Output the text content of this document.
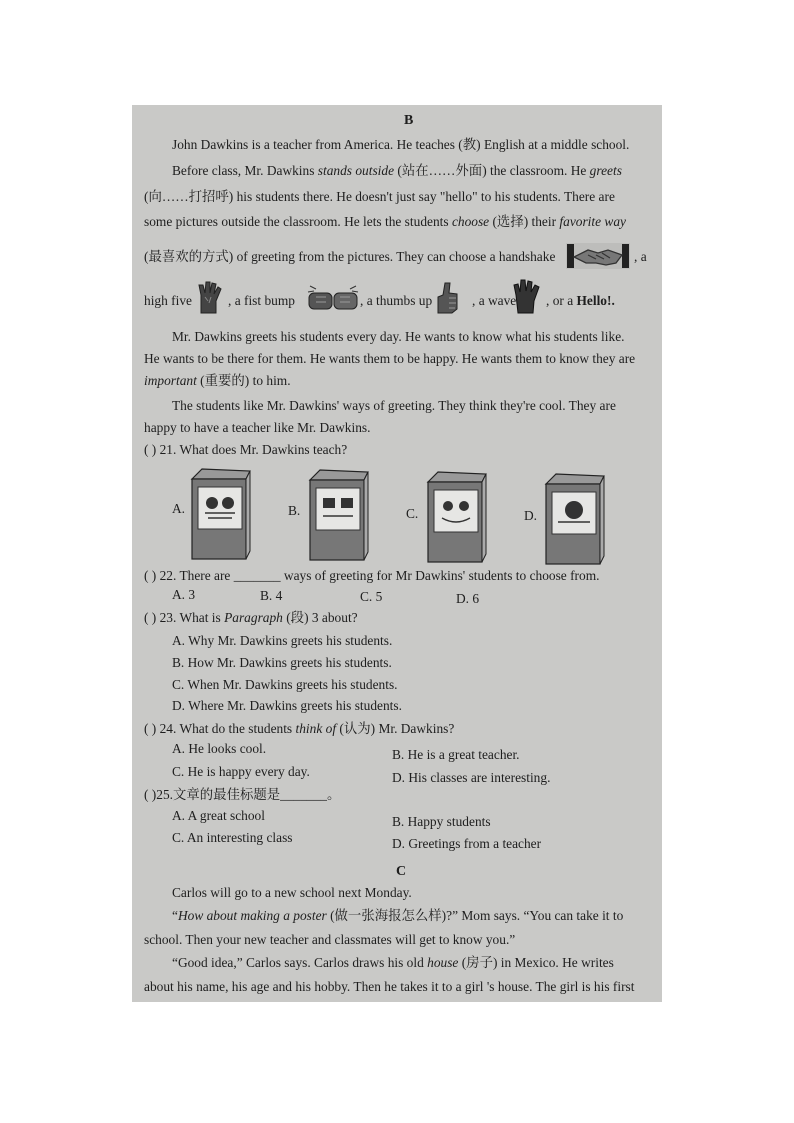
B
John Dawkins is a teacher from America. He teaches (教) English at a middle school.
Before class, Mr. Dawkins stands outside (站在……外面) the classroom. He greets
(向……打招呼) his students there. He doesn't just say "hello" to his students. There are
some pictures outside the classroom. He lets the students choose (选择) their favorite way
(最喜欢的方式) of greeting from the pictures. They can choose a handshake	, a
high five	, a fist bump	, a thumbs up	, a wave , or a Hello!.
Mr. Dawkins greets his students every day. He wants to know what his students like.
He wants to be there for them. He wants them to be happy. He wants them to know they are
important (重要的) to him.
The students like Mr. Dawkins' ways of greeting. They think they're cool. They are
happy to have a teacher like Mr. Dawkins.
( ) 21. What does Mr. Dawkins teach?
A.	B.	C.	D.
( ) 22. There are _______ ways of greeting for Mr Dawkins' students to choose from.
A. 3	B. 4	C. 5	D. 6
( ) 23. What is Paragraph (段) 3 about?
A. Why Mr. Dawkins greets his students.
B. How Mr. Dawkins greets his students.
C. When Mr. Dawkins greets his students.
D. Where Mr. Dawkins greets his students.
( ) 24. What do the students think of (认为) Mr. Dawkins?
A. He looks cool.	B. He is a great teacher.
C. He is happy every day.	D. His classes are interesting.
( )25.文章的最佳标题是_______。
A. A great school	B. Happy students
C. An interesting class	D. Greetings from a teacher
C
Carlos will go to a new school next Monday.
“How about making a poster (做一张海报怎么样)?” Mom says. “You can take it to
school. Then your new teacher and classmates will get to know you.”
“Good idea,” Carlos says. Carlos draws his old house (房子) in Mexico. He writes
about his name, his age and his hobby. Then he takes it to a girl 's house. The girl is his first
